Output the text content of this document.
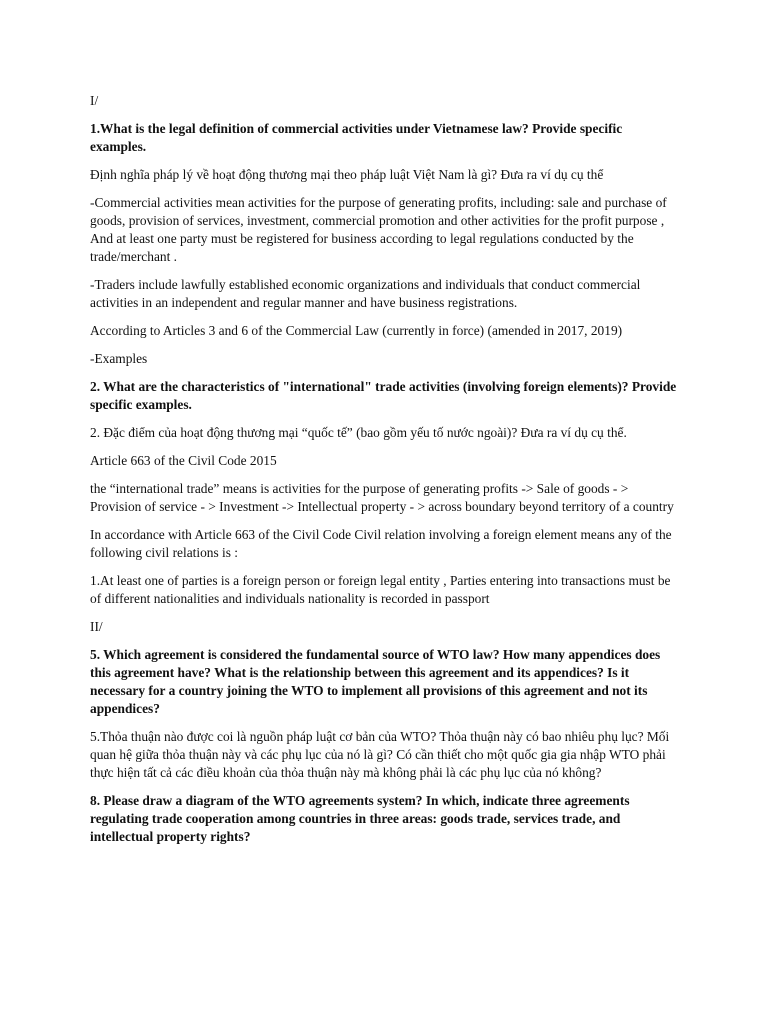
I/

1.What is the legal definition of commercial activities under Vietnamese law? Provide specific examples.

Định nghĩa pháp lý về hoạt động thương mại theo pháp luật Việt Nam là gì? Đưa ra ví dụ cụ thể

-Commercial activities mean activities for the purpose of generating profits, including: sale and purchase of goods, provision of services, investment, commercial promotion and other activities for the profit purpose , And at least one party must be registered for business according to legal regulations conducted by the trade/merchant .

-Traders include lawfully established economic organizations and individuals that conduct commercial activities in an independent and regular manner and have business registrations.

According to Articles 3 and 6 of the Commercial Law (currently in force) (amended in 2017, 2019)

-Examples

2. What are the characteristics of "international" trade activities (involving foreign elements)? Provide specific examples.

2. Đặc điểm của hoạt động thương mại “quốc tế” (bao gồm yếu tố nước ngoài)? Đưa ra ví dụ cụ thể.

Article 663 of the Civil Code 2015

the “international trade” means is activities for the purpose of generating profits -> Sale of goods - > Provision of service - > Investment -> Intellectual property - > across boundary beyond territory of a country

In accordance with Article 663 of the Civil Code Civil relation involving a foreign element means any of the following civil relations is :

1.At least one of parties is a foreign person or foreign legal entity , Parties entering into transactions must be of different nationalities and individuals nationality is recorded in passport

II/

5. Which agreement is considered the fundamental source of WTO law? How many appendices does this agreement have? What is the relationship between this agreement and its appendices? Is it necessary for a country joining the WTO to implement all provisions of this agreement and not its appendices?

5.Thỏa thuận nào được coi là nguồn pháp luật cơ bản của WTO? Thỏa thuận này có bao nhiêu phụ lục? Mối quan hệ giữa thỏa thuận này và các phụ lục của nó là gì? Có cần thiết cho một quốc gia gia nhập WTO phải thực hiện tất cả các điều khoản của thỏa thuận này mà không phải là các phụ lục của nó không?

8. Please draw a diagram of the WTO agreements system? In which, indicate three agreements regulating trade cooperation among countries in three areas: goods trade, services trade, and intellectual property rights?
